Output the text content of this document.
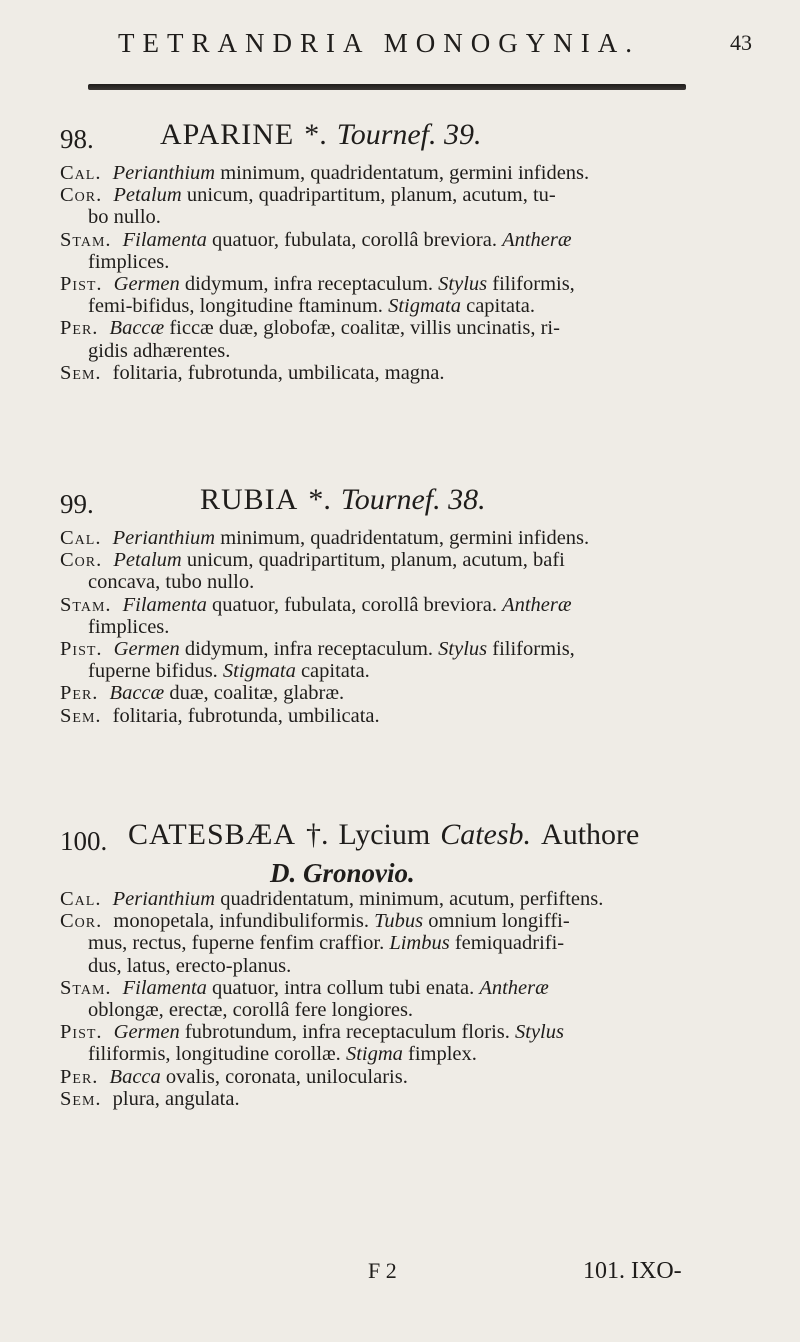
TETRANDRIA MONOGYNIA.	43
98. APARINE *. Tournef. 39.
Cal. Perianthium minimum, quadridentatum, germini infidens.
Cor. Petalum unicum, quadripartitum, planum, acutum, tu-
bo nullo.
Stam. Filamenta quatuor, fubulata, corollâ breviora. Antheræ
fimplices.
Pist. Germen didymum, infra receptaculum. Stylus filiformis,
femi-bifidus, longitudine ftaminum. Stigmata capitata.
Per. Baccæ ficcæ duæ, globofæ, coalitæ, villis uncinatis, ri-
gidis adhærentes.
Sem. folitaria, fubrotunda, umbilicata, magna.
99.	RUBIA *. Tournef. 38.
Cal. Perianthium minimum, quadridentatum, germini infidens.
Cor. Petalum unicum, quadripartitum, planum, acutum, bafi
concava, tubo nullo.
Stam. Filamenta quatuor, fubulata, corollâ breviora. Antheræ
fimplices.
Pist. Germen didymum, infra receptaculum. Stylus filiformis,
fuperne bifidus. Stigmata capitata.
Per. Baccæ duæ, coalitæ, glabræ.
Sem. folitaria, fubrotunda, umbilicata.
100. CATESBÆA †. Lycium Catesb. Authore
D. Gronovio.
Cal. Perianthium quadridentatum, minimum, acutum, perfiftens.
Cor. monopetala, infundibuliformis. Tubus omnium longiffi-
mus, rectus, fuperne fenfim craffior. Limbus femiquadrifi-
dus, latus, erecto-planus.
Stam. Filamenta quatuor, intra collum tubi enata. Antheræ
oblongæ, erectæ, corollâ fere longiores.
Pist. Germen fubrotundum, infra receptaculum floris. Stylus
filiformis, longitudine corollæ. Stigma fimplex.
Per. Bacca ovalis, coronata, unilocularis.
Sem. plura, angulata.
F 2	101. IXO-
